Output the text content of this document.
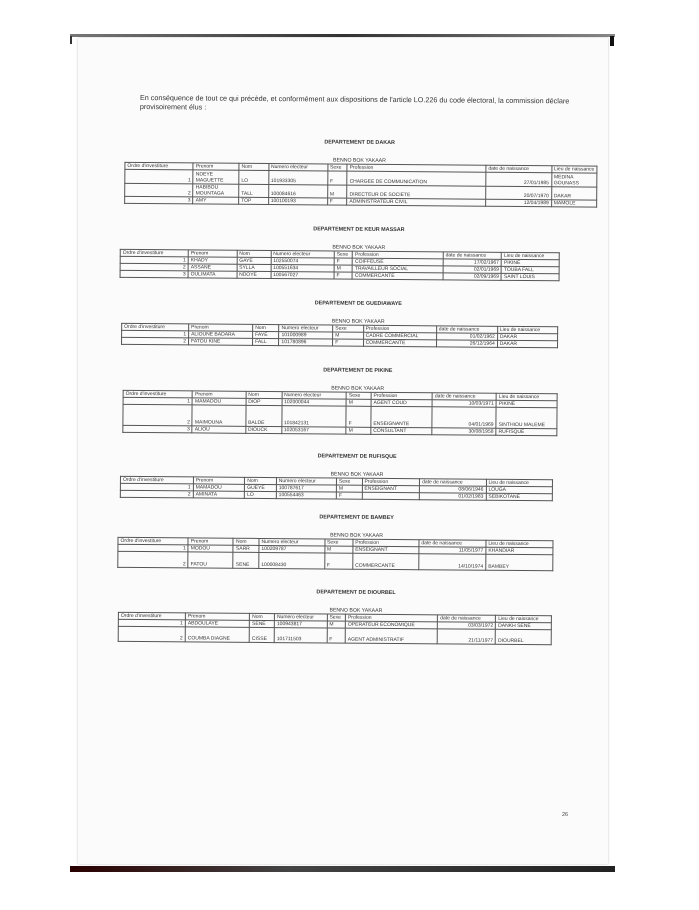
En conséquence de tout ce qui précède, et conformément aux dispositions de l'article LO.226 du code électoral, la commission déclare provisoirement élus :

DEPARTEMENT DE DAKAR

BENNO BOK YAKAAR

Ordre d'investiture	Prenom	Nom	Numero electeur	Sexe	Profession	date de naissance	Lieu de naissance
1	NDEYE MAGUETTE	LO	101933305	F	CHARGEE DE COMMUNICATION	27/01/1985	MEDINA GOUNASS
2	HABIBOU MOUNTAGA	TALL	100084616	M	DIRECTEUR DE SOCIETE	20/07/1970	DAKAR
3	AMY	TOP	100100193	F	ADMINISTRATEUR CIVIL	12/04/1989	MAMOLE

DEPARTEMENT DE KEUR MASSAR

BENNO BOK YAKAAR

Ordre d'investiture	Prenom	Nom	Numero electeur	Sexe	Profession	date de naissance	Lieu de naissance
1	KHADY	GAYE	102550074	F	COIFFEUSE	17/02/1967	PIKINE
2	ASSANE	SYLLA	100551634	M	TRAVAILLEUR SOCIAL	02/01/1969	TOUBA FALL
3	OULIMATA	NDOYE	100567027	F	COMMERCANTE	02/09/1969	SAINT LOUIS

DEPARTEMENT DE GUEDIAWAYE

BENNO BOK YAKAAR

Ordre d'investiture	Prenom	Nom	Numero electeur	Sexe	Profession	date de naissance	Lieu de naissance
1	ALIOUNE BADARA	FAYE	101000989	M	CADRE COMMERCIAL	01/02/1962	DAKAR
2	FATOU KINE	FALL	101780896	F	COMMERCANTE	26/12/1964	DAKAR

DEPARTEMENT DE PIKINE

BENNO BOK YAKAAR

Ordre d'investiture	Prenom	Nom	Numero electeur	Sexe	Profession	date de naissance	Lieu de naissance
1	MAMADOU	DIOP	102000044	M	AGENT COUD	10/03/1971	PIKINE
2	MAIMOUNA	BALDE	101842131	F	ENSEIGNANTE	04/01/1969	SINTHIOU MALEME
3	ALIOU	DIOUCK	102053167	M	CONSULTANT	30/08/1958	RUFISQUE

DEPARTEMENT DE RUFISQUE

BENNO BOK YAKAAR

Ordre d'investiture	Prenom	Nom	Numero electeur	Sexe	Profession	date de naissance	Lieu de naissance
1	MAMADOU	GUEYE	100787617	M	ENSEIGNANT	08/06/1946	LOUGA
2	AMINATA	LO	100554463	F		01/02/1983	SEBIKOTANE

DEPARTEMENT DE BAMBEY

BENNO BOK YAKAAR

Ordre d'investiture	Prenom	Nom	Numero electeur	Sexe	Profession	date de naissance	Lieu de naissance
1	MODOU	SARR	100209787	M	ENSEIGNANT	11/05/1977	KHANDIAR
2	FATOU	SENE	100008430	F	COMMERCANTE	14/10/1974	BAMBEY

DEPARTEMENT DE DIOURBEL

BENNO BOK YAKAAR

Ordre d'investiture	Prenom	Nom	Numero electeur	Sexe	Profession	date de naissance	Lieu de naissance
1	ABDOULAYE	SENE	100943817	M	OPERATEUR ECONOMIQUE	03/03/1972	DANKH SENE
2	COUMBA DIAGNE	CISSE	101711503	F	AGENT ADMINISTRATIF	21/11/1977	DIOURBEL
26
